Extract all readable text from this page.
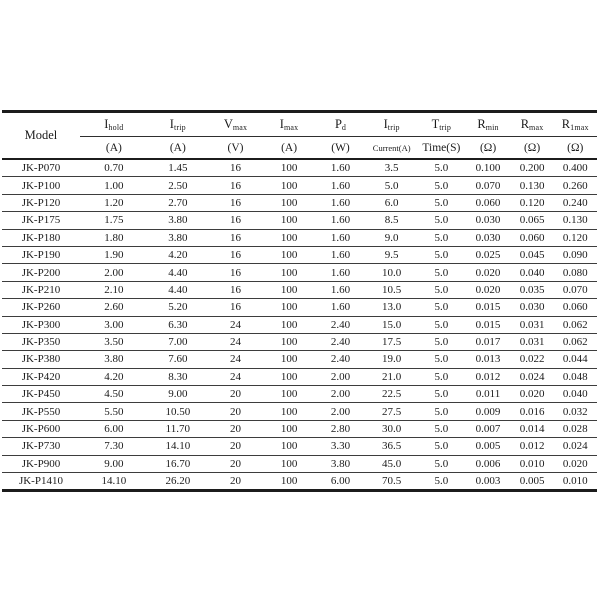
Model	Ihold	Itrip	Vmax	Imax	Pd	Itrip	Ttrip	Rmin	Rmax	R1max
	(A)	(A)	(V)	(A)	(W)	Current(A)	Time(S)	(Ω)	(Ω)	(Ω)
JK-P070	0.70	1.45	16	100	1.60	3.5	5.0	0.100	0.200	0.400
JK-P100	1.00	2.50	16	100	1.60	5.0	5.0	0.070	0.130	0.260
JK-P120	1.20	2.70	16	100	1.60	6.0	5.0	0.060	0.120	0.240
JK-P175	1.75	3.80	16	100	1.60	8.5	5.0	0.030	0.065	0.130
JK-P180	1.80	3.80	16	100	1.60	9.0	5.0	0.030	0.060	0.120
JK-P190	1.90	4.20	16	100	1.60	9.5	5.0	0.025	0.045	0.090
JK-P200	2.00	4.40	16	100	1.60	10.0	5.0	0.020	0.040	0.080
JK-P210	2.10	4.40	16	100	1.60	10.5	5.0	0.020	0.035	0.070
JK-P260	2.60	5.20	16	100	1.60	13.0	5.0	0.015	0.030	0.060
JK-P300	3.00	6.30	24	100	2.40	15.0	5.0	0.015	0.031	0.062
JK-P350	3.50	7.00	24	100	2.40	17.5	5.0	0.017	0.031	0.062
JK-P380	3.80	7.60	24	100	2.40	19.0	5.0	0.013	0.022	0.044
JK-P420	4.20	8.30	24	100	2.00	21.0	5.0	0.012	0.024	0.048
JK-P450	4.50	9.00	20	100	2.00	22.5	5.0	0.011	0.020	0.040
JK-P550	5.50	10.50	20	100	2.00	27.5	5.0	0.009	0.016	0.032
JK-P600	6.00	11.70	20	100	2.80	30.0	5.0	0.007	0.014	0.028
JK-P730	7.30	14.10	20	100	3.30	36.5	5.0	0.005	0.012	0.024
JK-P900	9.00	16.70	20	100	3.80	45.0	5.0	0.006	0.010	0.020
JK-P1410	14.10	26.20	20	100	6.00	70.5	5.0	0.003	0.005	0.010
